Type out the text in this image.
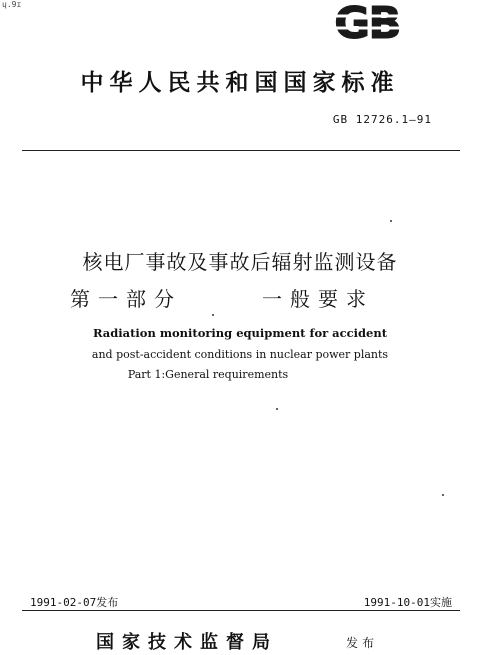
ɥ.9ɪ	GB
中华人民共和国国家标准
GB 12726.1—91
核电厂事故及事故后辐射监测设备
第一部分	一般要求
Radiation monitoring equipment for accident
and post-accident conditions in nuclear power plants
Part 1:General requirements
1991-02-07发布	1991-10-01实施
国家技术监督局	发布
